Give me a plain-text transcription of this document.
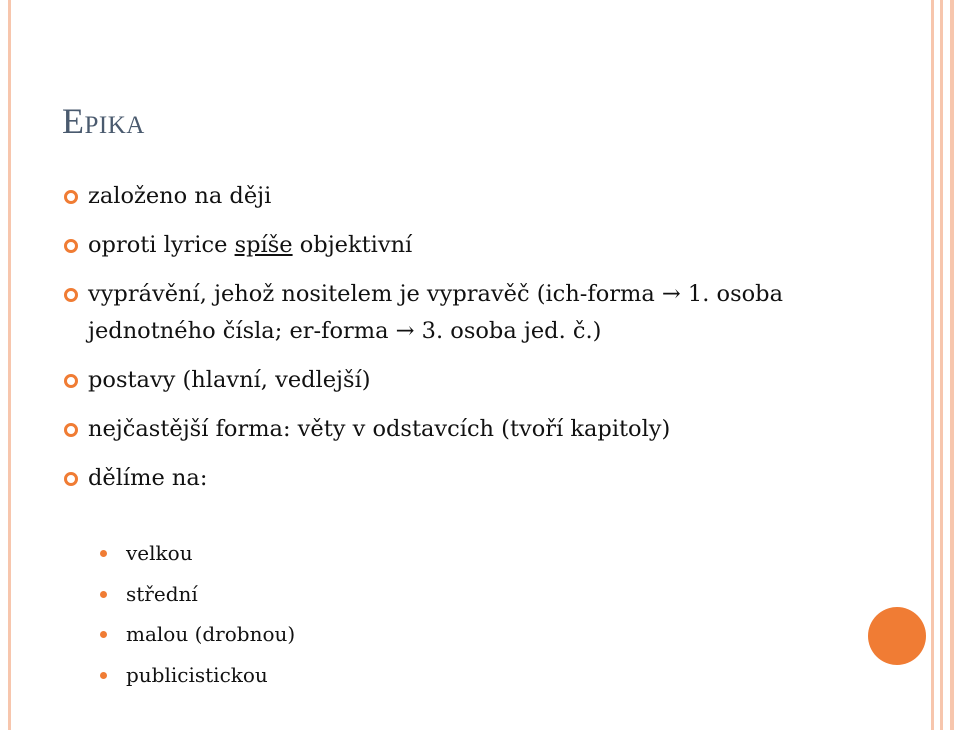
Epika
založeno na ději
oproti lyrice spíše objektivní
vyprávění, jehož nositelem je vypravěč (ich-forma → 1. osoba jednotného čísla; er-forma → 3. osoba jed. č.)
postavy (hlavní, vedlejší)
nejčastější forma: věty v odstavcích (tvoří kapitoly)
dělíme na:
velkou
střední
malou (drobnou)
publicistickou
